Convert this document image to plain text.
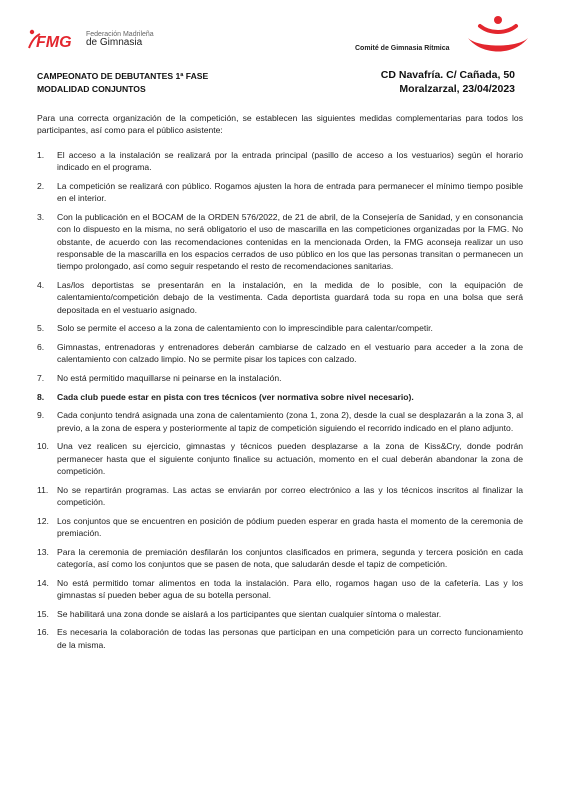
FMG Federación Madrileña
de Gimnasia
Comité de Gimnasia Rítmica
CAMPEONATO DE DEBUTANTES 1ª FASE
MODALIDAD CONJUNTOS
CD Navafría. C/ Cañada, 50
Moralzarzal, 23/04/2023

Para una correcta organización de la competición, se establecen las siguientes medidas complementarias para todos los participantes, así como para el público asistente:

1. El acceso a la instalación se realizará por la entrada principal (pasillo de acceso a los vestuarios) según el horario indicado en el programa.
2. La competición se realizará con público. Rogamos ajusten la hora de entrada para permanecer el mínimo tiempo posible en el interior.
3. Con la publicación en el BOCAM de la ORDEN 576/2022, de 21 de abril, de la Consejería de Sanidad, y en consonancia con lo dispuesto en la misma, no será obligatorio el uso de mascarilla en las competiciones organizadas por la FMG. No obstante, de acuerdo con las recomendaciones contenidas en la mencionada Orden, la FMG aconseja realizar un uso responsable de la mascarilla en los espacios cerrados de uso público en los que las personas transitan o permanecen un tiempo prolongado, así como seguir respetando el resto de recomendaciones sanitarias.
4. Las/los deportistas se presentarán en la instalación, en la medida de lo posible, con la equipación de calentamiento/competición debajo de la vestimenta. Cada deportista guardará toda su ropa en una bolsa que será depositada en el vestuario asignado.
5. Solo se permite el acceso a la zona de calentamiento con lo imprescindible para calentar/competir.
6. Gimnastas, entrenadoras y entrenadores deberán cambiarse de calzado en el vestuario para acceder a la zona de calentamiento con calzado limpio. No se permite pisar los tapices con calzado.
7. No está permitido maquillarse ni peinarse en la instalación.
8. Cada club puede estar en pista con tres técnicos (ver normativa sobre nivel necesario).
9. Cada conjunto tendrá asignada una zona de calentamiento (zona 1, zona 2), desde la cual se desplazarán a la zona 3, al previo, a la zona de espera y posteriormente al tapiz de competición siguiendo el recorrido indicado en el plano adjunto.
10. Una vez realicen su ejercicio, gimnastas y técnicos pueden desplazarse a la zona de Kiss&Cry, donde podrán permanecer hasta que el siguiente conjunto finalice su actuación, momento en el cual deberán abandonar la zona de competición.
11. No se repartirán programas. Las actas se enviarán por correo electrónico a las y los técnicos inscritos al finalizar la competición.
12. Los conjuntos que se encuentren en posición de pódium pueden esperar en grada hasta el momento de la ceremonia de premiación.
13. Para la ceremonia de premiación desfilarán los conjuntos clasificados en primera, segunda y tercera posición en cada categoría, así como los conjuntos que se pasen de nota, que saludarán desde el tapiz de competición.
14. No está permitido tomar alimentos en toda la instalación. Para ello, rogamos hagan uso de la cafetería. Las y los gimnastas sí pueden beber agua de su botella personal.
15. Se habilitará una zona donde se aislará a los participantes que sientan cualquier síntoma o malestar.
16. Es necesaria la colaboración de todas las personas que participan en una competición para un correcto funcionamiento de la misma.
